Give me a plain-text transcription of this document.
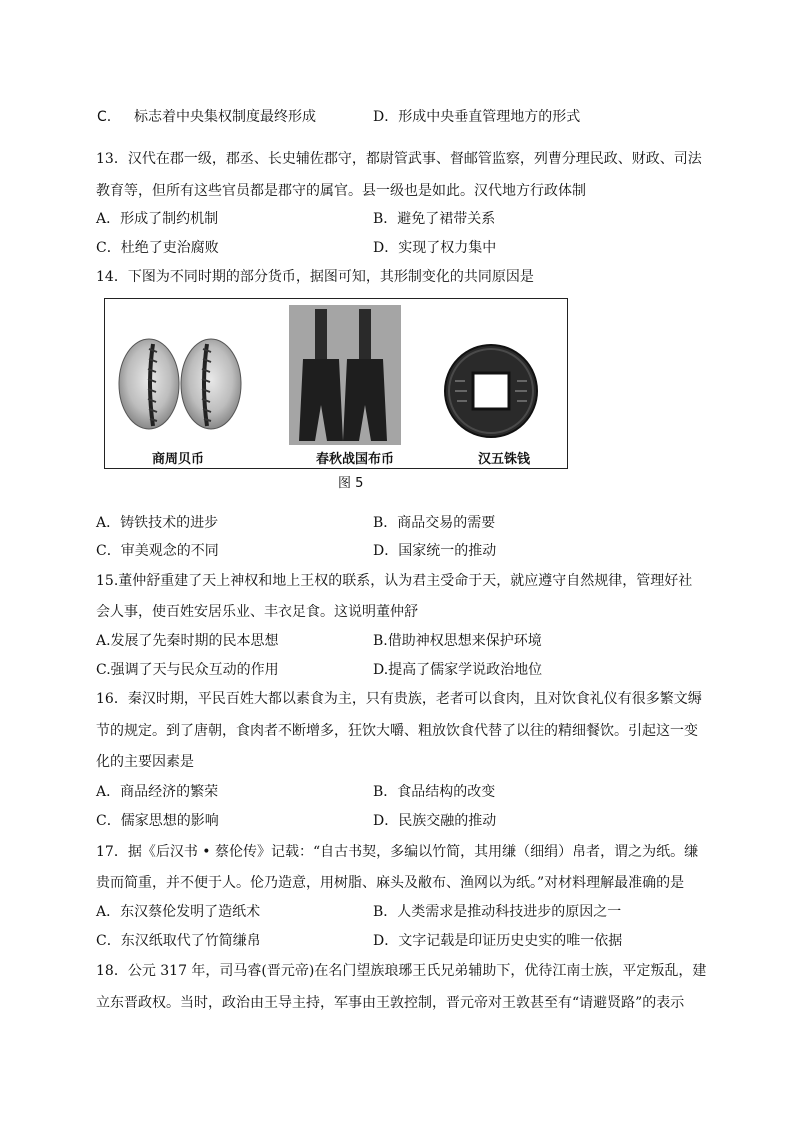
C. 标志着中央集权制度最终形成	D．形成中央垂直管理地方的形式
13．汉代在郡一级，郡丞、长史辅佐郡守，都尉管武事、督邮管监察，列曹分理民政、财政、司法
教育等，但所有这些官员都是郡守的属官。县一级也是如此。汉代地方行政体制
A．形成了制约机制	B．避免了裙带关系
C．杜绝了吏治腐败	D．实现了权力集中
14．下图为不同时期的部分货币，据图可知，其形制变化的共同原因是
商周贝币	春秋战国布币	汉五铢钱
图 5
A．铸铁技术的进步	B．商品交易的需要
C．审美观念的不同	D．国家统一的推动
15.董仲舒重建了天上神权和地上王权的联系，认为君主受命于天，就应遵守自然规律，管理好社
会人事，使百姓安居乐业、丰衣足食。这说明董仲舒
A.发展了先秦时期的民本思想	B.借助神权思想来保护环境
C.强调了天与民众互动的作用	D.提高了儒家学说政治地位
16．秦汉时期，平民百姓大都以素食为主，只有贵族，老者可以食肉，且对饮食礼仪有很多繁文缛
节的规定。到了唐朝，食肉者不断增多，狂饮大嚼、粗放饮食代替了以往的精细餐饮。引起这一变
化的主要因素是
A．商品经济的繁荣	B．食品结构的改变
C．儒家思想的影响	D．民族交融的推动
17．据《后汉书 • 蔡伦传》记载：“自古书契，多编以竹简，其用缣（细绢）帛者，谓之为纸。缣
贵而简重，并不便于人。伦乃造意，用树脂、麻头及敝布、渔网以为纸。”对材料理解最准确的是
A．东汉蔡伦发明了造纸术	B．人类需求是推动科技进步的原因之一
C．东汉纸取代了竹简缣帛	D．文字记载是印证历史史实的唯一依据
18．公元 317 年，司马睿(晋元帝)在名门望族琅琊王氏兄弟辅助下，优待江南士族，平定叛乱，建
立东晋政权。当时，政治由王导主持，军事由王敦控制，晋元帝对王敦甚至有“请避贤路”的表示
